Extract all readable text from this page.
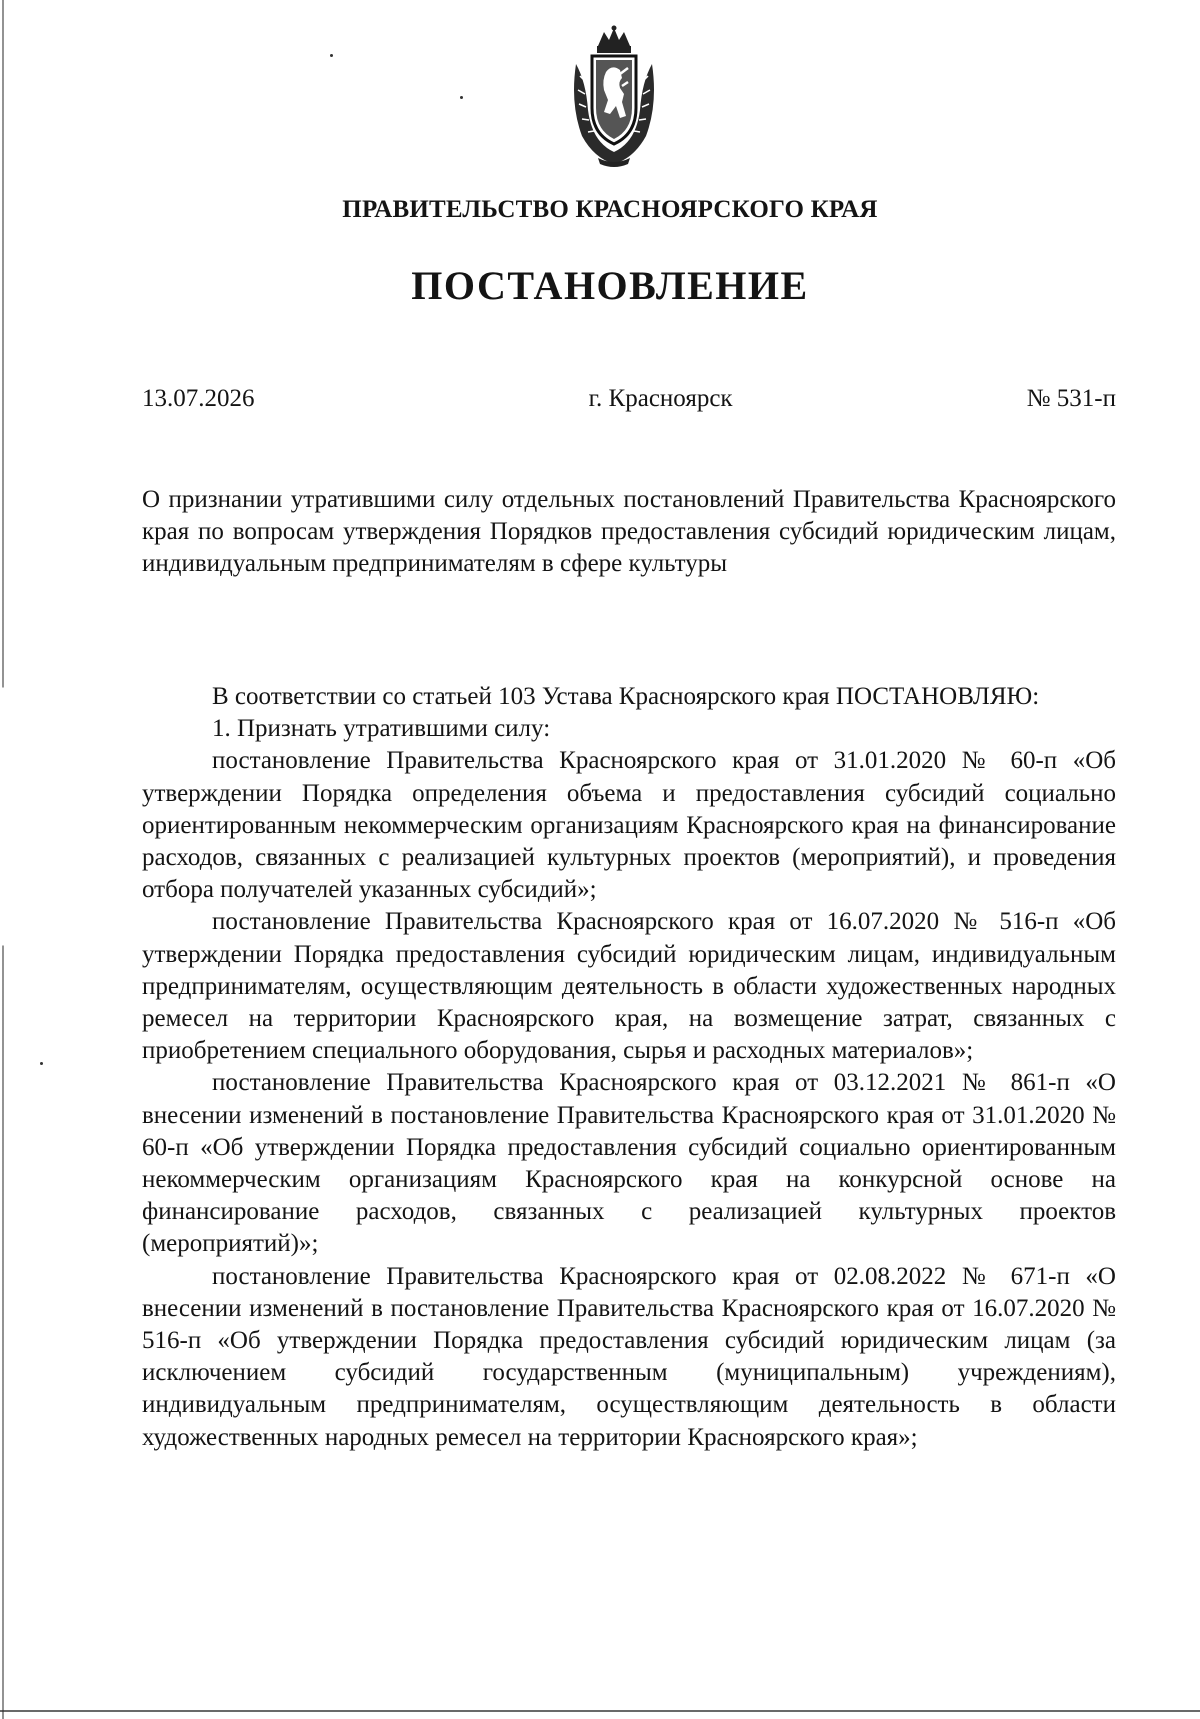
ПРАВИТЕЛЬСТВО КРАСНОЯРСКОГО КРАЯ
ПОСТАНОВЛЕНИЕ
13.07.2026	г. Красноярск	№ 531-п

О признании утратившими силу отдельных постановлений Правительства Красноярского края по вопросам утверждения Порядков предоставления субсидий юридическим лицам, индивидуальным предпринимателям в сфере культуры

В соответствии со статьей 103 Устава Красноярского края ПОСТАНОВЛЯЮ:

1. Признать утратившими силу:

постановление Правительства Красноярского края от 31.01.2020 № 60-п «Об утверждении Порядка определения объема и предоставления субсидий социально ориентированным некоммерческим организациям Красноярского края на финансирование расходов, связанных с реализацией культурных проектов (мероприятий), и проведения отбора получателей указанных субсидий»;

постановление Правительства Красноярского края от 16.07.2020 № 516-п «Об утверждении Порядка предоставления субсидий юридическим лицам, индивидуальным предпринимателям, осуществляющим деятельность в области художественных народных ремесел на территории Красноярского края, на возмещение затрат, связанных с приобретением специального оборудования, сырья и расходных материалов»;

постановление Правительства Красноярского края от 03.12.2021 № 861-п «О внесении изменений в постановление Правительства Красноярского края от 31.01.2020 № 60-п «Об утверждении Порядка предоставления субсидий социально ориентированным некоммерческим организациям Красноярского края на конкурсной основе на финансирование расходов, связанных с реализацией культурных проектов (мероприятий)»;

постановление Правительства Красноярского края от 02.08.2022 № 671-п «О внесении изменений в постановление Правительства Красноярского края от 16.07.2020 № 516-п «Об утверждении Порядка предоставления субсидий юридическим лицам (за исключением субсидий государственным (муниципальным) учреждениям), индивидуальным предпринимателям, осуществляющим деятельность в области художественных народных ремесел на территории Красноярского края»;
